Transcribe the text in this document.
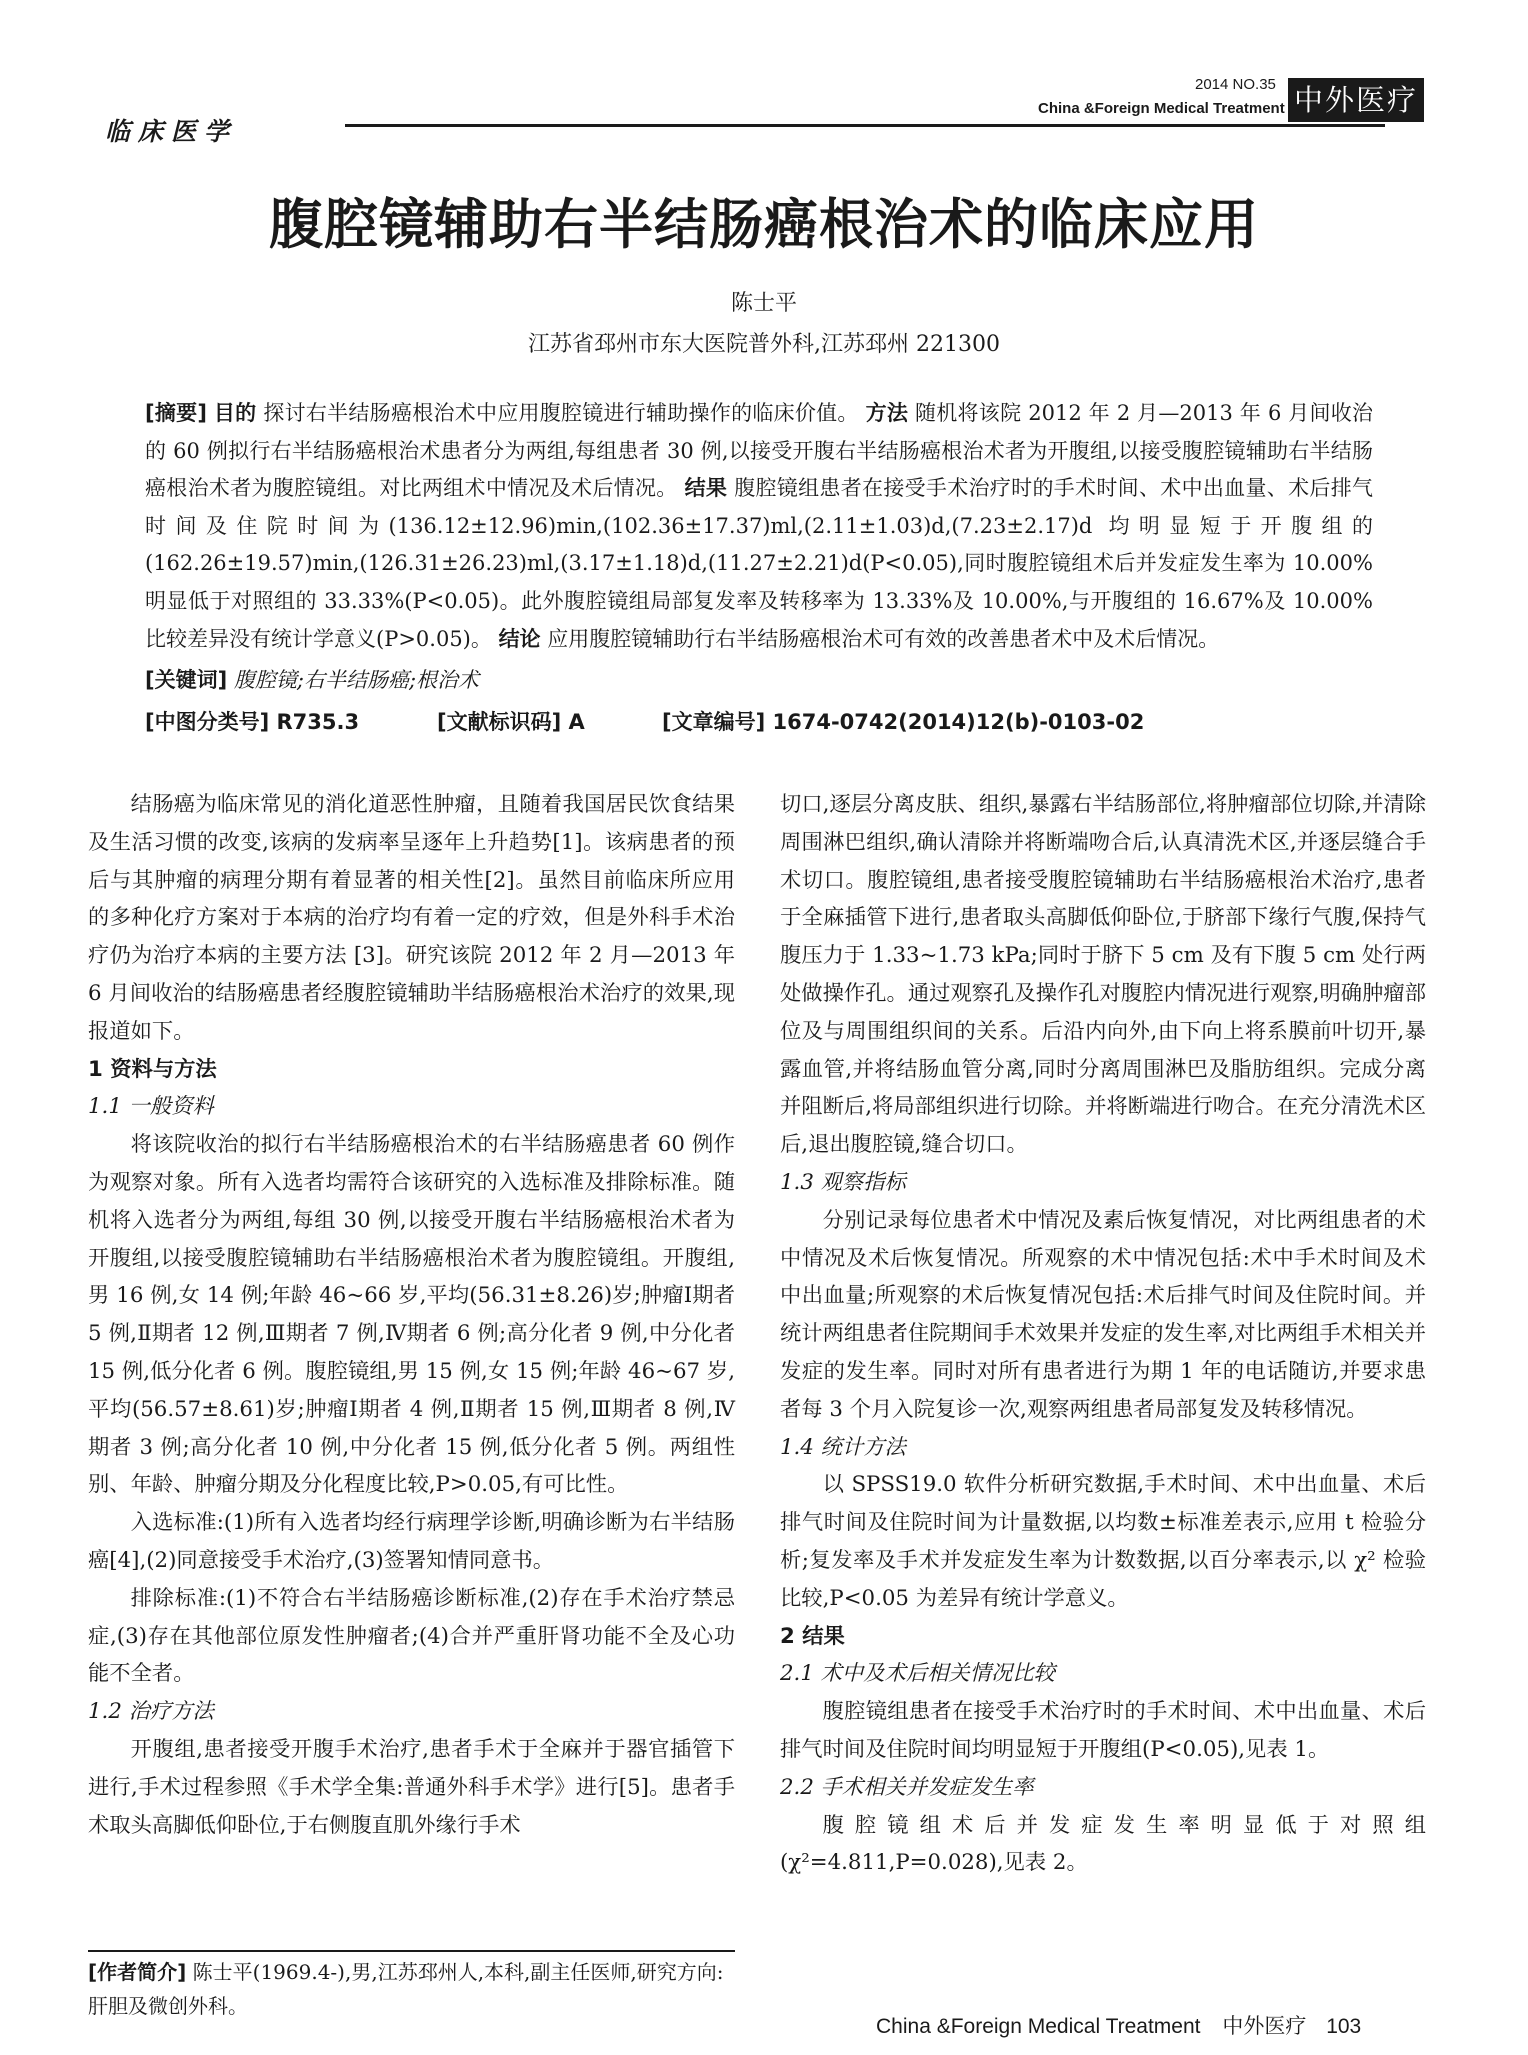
临床医学
2014 NO.35
China &Foreign Medical Treatment 中外医疗
腹腔镜辅助右半结肠癌根治术的临床应用
陈士平
江苏省邳州市东大医院普外科,江苏邳州 221300
[摘要] 目的 探讨右半结肠癌根治术中应用腹腔镜进行辅助操作的临床价值。 方法 随机将该院 2012 年 2 月—2013 年 6 月间收治的 60 例拟行右半结肠癌根治术患者分为两组,每组患者 30 例,以接受开腹右半结肠癌根治术者为开腹组,以接受腹腔镜辅助右半结肠癌根治术者为腹腔镜组。对比两组术中情况及术后情况。 结果 腹腔镜组患者在接受手术治疗时的手术时间、术中出血量、术后排气时间及住院时间为(136.12±12.96)min,(102.36±17.37)ml,(2.11±1.03)d,(7.23±2.17)d 均明显短于开腹组的(162.26±19.57)min,(126.31±26.23)ml,(3.17±1.18)d,(11.27±2.21)d(P<0.05),同时腹腔镜组术后并发症发生率为 10.00%明显低于对照组的 33.33%(P<0.05)。此外腹腔镜组局部复发率及转移率为 13.33%及 10.00%,与开腹组的 16.67%及 10.00%比较差异没有统计学意义(P>0.05)。 结论 应用腹腔镜辅助行右半结肠癌根治术可有效的改善患者术中及术后情况。
[关键词] 腹腔镜;右半结肠癌;根治术
[中图分类号] R735.3	[文献标识码] A	[文章编号] 1674-0742(2014)12(b)-0103-02

结肠癌为临床常见的消化道恶性肿瘤，且随着我国居民饮食结果及生活习惯的改变,该病的发病率呈逐年上升趋势[1]。该病患者的预后与其肿瘤的病理分期有着显著的相关性[2]。虽然目前临床所应用的多种化疗方案对于本病的治疗均有着一定的疗效，但是外科手术治疗仍为治疗本病的主要方法 [3]。研究该院 2012 年 2 月—2013 年 6 月间收治的结肠癌患者经腹腔镜辅助半结肠癌根治术治疗的效果,现报道如下。

1 资料与方法

1.1 一般资料

将该院收治的拟行右半结肠癌根治术的右半结肠癌患者 60 例作为观察对象。所有入选者均需符合该研究的入选标准及排除标准。随机将入选者分为两组,每组 30 例,以接受开腹右半结肠癌根治术者为开腹组,以接受腹腔镜辅助右半结肠癌根治术者为腹腔镜组。开腹组,男 16 例,女 14 例;年龄 46~66 岁,平均(56.31±8.26)岁;肿瘤Ⅰ期者 5 例,Ⅱ期者 12 例,Ⅲ期者 7 例,Ⅳ期者 6 例;高分化者 9 例,中分化者 15 例,低分化者 6 例。腹腔镜组,男 15 例,女 15 例;年龄 46~67 岁,平均(56.57±8.61)岁;肿瘤Ⅰ期者 4 例,Ⅱ期者 15 例,Ⅲ期者 8 例,Ⅳ期者 3 例;高分化者 10 例,中分化者 15 例,低分化者 5 例。两组性别、年龄、肿瘤分期及分化程度比较,P>0.05,有可比性。

入选标准:(1)所有入选者均经行病理学诊断,明确诊断为右半结肠癌[4],(2)同意接受手术治疗,(3)签署知情同意书。

排除标准:(1)不符合右半结肠癌诊断标准,(2)存在手术治疗禁忌症,(3)存在其他部位原发性肿瘤者;(4)合并严重肝肾功能不全及心功能不全者。

1.2 治疗方法

开腹组,患者接受开腹手术治疗,患者手术于全麻并于器官插管下进行,手术过程参照《手术学全集:普通外科手术学》进行[5]。患者手术取头高脚低仰卧位,于右侧腹直肌外缘行手术

切口,逐层分离皮肤、组织,暴露右半结肠部位,将肿瘤部位切除,并清除周围淋巴组织,确认清除并将断端吻合后,认真清洗术区,并逐层缝合手术切口。腹腔镜组,患者接受腹腔镜辅助右半结肠癌根治术治疗,患者于全麻插管下进行,患者取头高脚低仰卧位,于脐部下缘行气腹,保持气腹压力于 1.33~1.73 kPa;同时于脐下 5 cm 及有下腹 5 cm 处行两处做操作孔。通过观察孔及操作孔对腹腔内情况进行观察,明确肿瘤部位及与周围组织间的关系。后沿内向外,由下向上将系膜前叶切开,暴露血管,并将结肠血管分离,同时分离周围淋巴及脂肪组织。完成分离并阻断后,将局部组织进行切除。并将断端进行吻合。在充分清洗术区后,退出腹腔镜,缝合切口。

1.3 观察指标

分别记录每位患者术中情况及素后恢复情况，对比两组患者的术中情况及术后恢复情况。所观察的术中情况包括:术中手术时间及术中出血量;所观察的术后恢复情况包括:术后排气时间及住院时间。并统计两组患者住院期间手术效果并发症的发生率,对比两组手术相关并发症的发生率。同时对所有患者进行为期 1 年的电话随访,并要求患者每 3 个月入院复诊一次,观察两组患者局部复发及转移情况。

1.4 统计方法

以 SPSS19.0 软件分析研究数据,手术时间、术中出血量、术后排气时间及住院时间为计量数据,以均数±标准差表示,应用 t 检验分析;复发率及手术并发症发生率为计数数据,以百分率表示,以 χ² 检验比较,P<0.05 为差异有统计学意义。

2 结果

2.1 术中及术后相关情况比较

腹腔镜组患者在接受手术治疗时的手术时间、术中出血量、术后排气时间及住院时间均明显短于开腹组(P<0.05),见表 1。

2.2 手术相关并发症发生率

腹腔镜组术后并发症发生率明显低于对照组(χ²=4.811,P=0.028),见表 2。

[作者简介] 陈士平(1969.4-),男,江苏邳州人,本科,副主任医师,研究方向:肝胆及微创外科。
China &Foreign Medical Treatment 中外医疗 103
